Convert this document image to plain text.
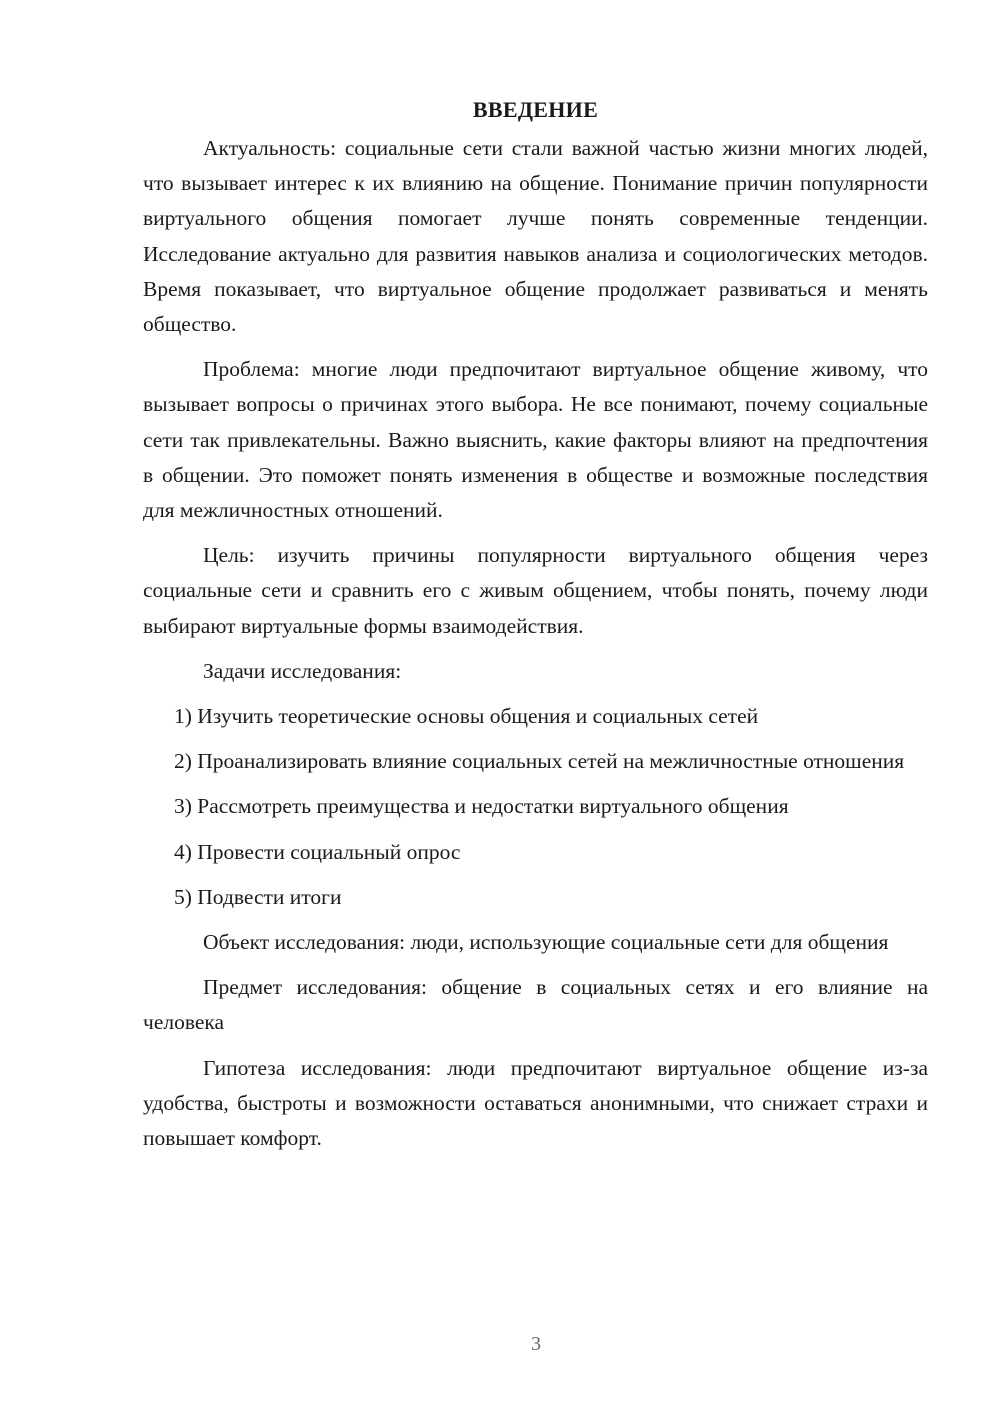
ВВЕДЕНИЕ

Актуальность: социальные сети стали важной частью жизни многих людей, что вызывает интерес к их влиянию на общение. Понимание причин популярности виртуального общения помогает лучше понять современные тенденции. Исследование актуально для развития навыков анализа и социологических методов. Время показывает, что виртуальное общение продолжает развиваться и менять общество.

Проблема: многие люди предпочитают виртуальное общение живому, что вызывает вопросы о причинах этого выбора. Не все понимают, почему социальные сети так привлекательны. Важно выяснить, какие факторы влияют на предпочтения в общении. Это поможет понять изменения в обществе и возможные последствия для межличностных отношений.

Цель: изучить причины популярности виртуального общения через социальные сети и сравнить его с живым общением, чтобы понять, почему люди выбирают виртуальные формы взаимодействия.

Задачи исследования:

1) Изучить теоретические основы общения и социальных сетей

2) Проанализировать влияние социальных сетей на межличностные отношения

3) Рассмотреть преимущества и недостатки виртуального общения

4) Провести социальный опрос

5) Подвести итоги

Объект исследования: люди, использующие социальные сети для общения

Предмет исследования: общение в социальных сетях и его влияние на человека

Гипотеза исследования: люди предпочитают виртуальное общение из-за удобства, быстроты и возможности оставаться анонимными, что снижает страхи и повышает комфорт.

3
